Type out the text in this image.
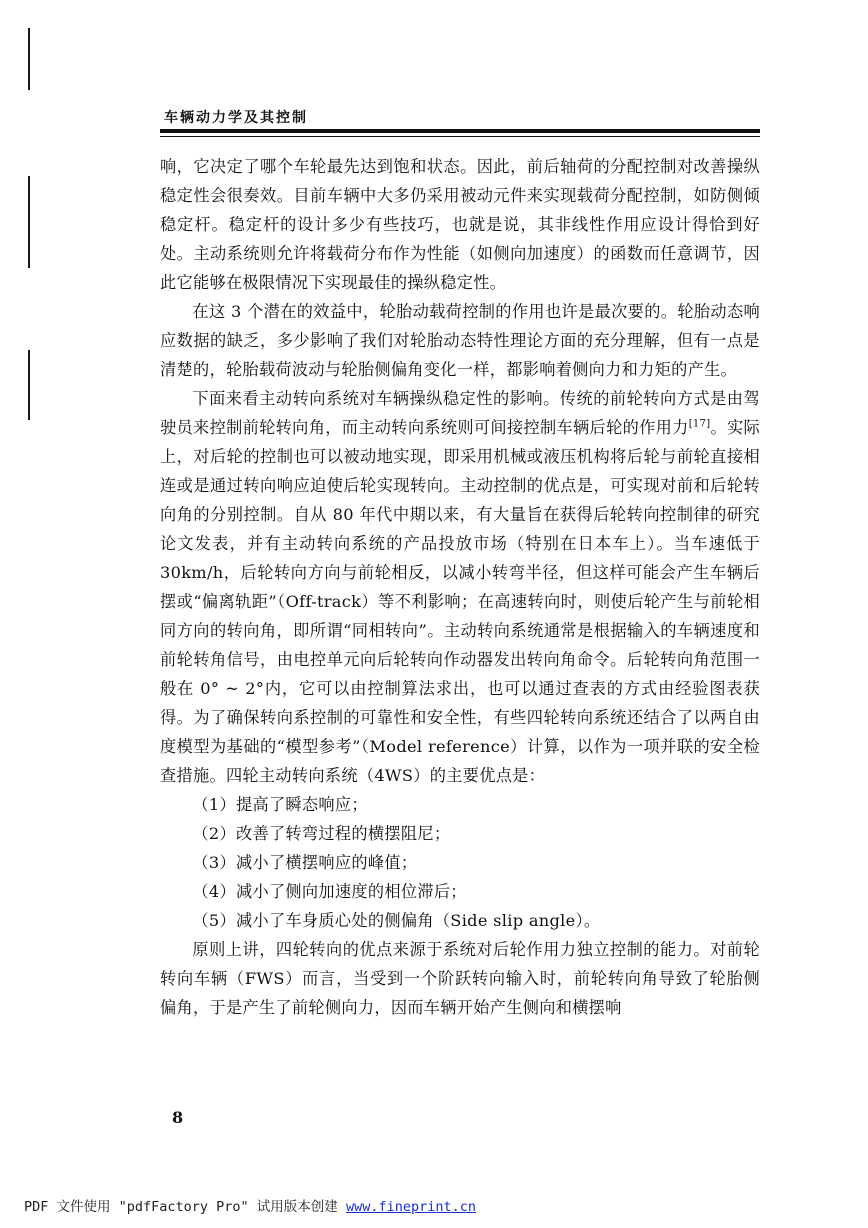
车辆动力学及其控制

响，它决定了哪个车轮最先达到饱和状态。因此，前后轴荷的分配控制对改善操纵稳定性会很奏效。目前车辆中大多仍采用被动元件来实现载荷分配控制，如防侧倾稳定杆。稳定杆的设计多少有些技巧，也就是说，其非线性作用应设计得恰到好处。主动系统则允许将载荷分布作为性能（如侧向加速度）的函数而任意调节，因此它能够在极限情况下实现最佳的操纵稳定性。

在这 3 个潜在的效益中，轮胎动载荷控制的作用也许是最次要的。轮胎动态响应数据的缺乏，多少影响了我们对轮胎动态特性理论方面的充分理解，但有一点是清楚的，轮胎载荷波动与轮胎侧偏角变化一样，都影响着侧向力和力矩的产生。

下面来看主动转向系统对车辆操纵稳定性的影响。传统的前轮转向方式是由驾驶员来控制前轮转向角，而主动转向系统则可间接控制车辆后轮的作用力[17]。实际上，对后轮的控制也可以被动地实现，即采用机械或液压机构将后轮与前轮直接相连或是通过转向响应迫使后轮实现转向。主动控制的优点是，可实现对前和后轮转向角的分别控制。自从 80 年代中期以来，有大量旨在获得后轮转向控制律的研究论文发表，并有主动转向系统的产品投放市场（特别在日本车上）。当车速低于 30km/h，后轮转向方向与前轮相反，以减小转弯半径，但这样可能会产生车辆后摆或“偏离轨距”（Off-track）等不利影响；在高速转向时，则使后轮产生与前轮相同方向的转向角，即所谓“同相转向”。主动转向系统通常是根据输入的车辆速度和前轮转角信号，由电控单元向后轮转向作动器发出转向角命令。后轮转向角范围一般在 0° ~ 2°内，它可以由控制算法求出，也可以通过查表的方式由经验图表获得。为了确保转向系控制的可靠性和安全性，有些四轮转向系统还结合了以两自由度模型为基础的“模型参考”（Model reference）计算，以作为一项并联的安全检查措施。四轮主动转向系统（4WS）的主要优点是：

（1）提高了瞬态响应；

（2）改善了转弯过程的横摆阻尼；

（3）减小了横摆响应的峰值；

（4）减小了侧向加速度的相位滞后；

（5）减小了车身质心处的侧偏角（Side slip angle）。

原则上讲，四轮转向的优点来源于系统对后轮作用力独立控制的能力。对前轮转向车辆（FWS）而言，当受到一个阶跃转向输入时，前轮转向角导致了轮胎侧偏角，于是产生了前轮侧向力，因而车辆开始产生侧向和横摆响

8
PDF 文件使用 "pdfFactory Pro" 试用版本创建 www.fineprint.cn
